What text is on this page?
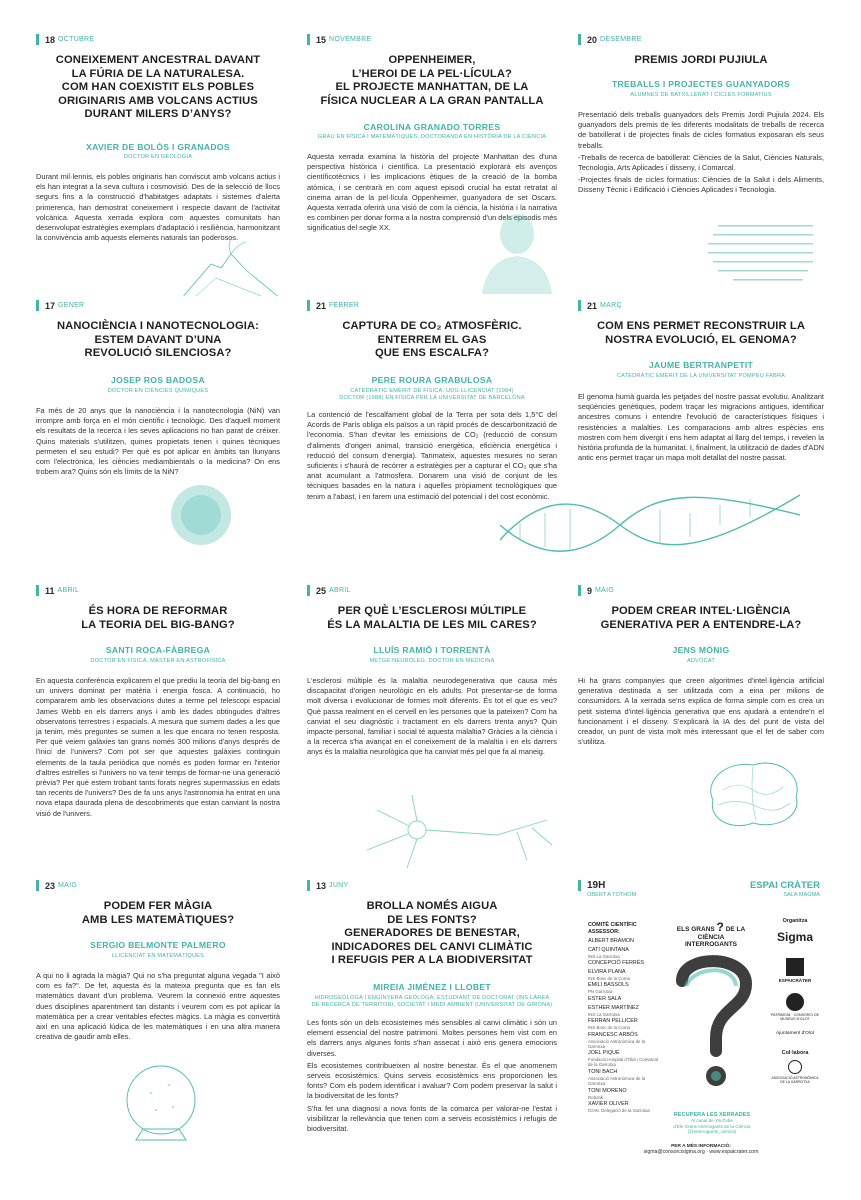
18 OCTUBRE
CONEIXEMENT ANCESTRAL DAVANT
LA FÚRIA DE LA NATURALESA.
COM HAN COEXISTIT ELS POBLES
ORIGINARIS AMB VOLCANS ACTIUS
DURANT MILERS D’ANYS?
XAVIER DE BOLÒS I GRANADOS
DOCTOR EN GEOLOGIA

Durant mil·lennis, els pobles originaris han conviscut amb volcans actius i els han integrat a la seva cultura i cosmovisió. Des de la selecció de llocs segurs fins a la construcció d'habitatges adaptats i sistemes d'alerta primerenca, han demostrat coneixement i respecte davant de l'activitat volcànica. Aquesta xerrada explora com aquestes comunitats han desenvolupat estratègies exemplars d'adaptació i resiliència, harmonitzant la convivència amb aquests elements naturals tan poderosos.

15 NOVEMBRE
OPPENHEIMER,
L’HEROI DE LA PEL·LÍCULA?
EL PROJECTE MANHATTAN, DE LA
FÍSICA NUCLEAR A LA GRAN PANTALLA
CAROLINA GRANADO TORRES
GRAU EN FÍSICA I MATEMÀTIQUES, DOCTORANDA EN HISTÒRIA DE LA CIÈNCIA

Aquesta xerrada examina la història del projecte Manhattan des d'una perspectiva històrica i científica. La presentació explorarà els avenços científicotècnics i les implicacions ètiques de la creació de la bomba atòmica, i se centrarà en com aquest episodi crucial ha estat retratat al cinema arran de la pel·lícula Oppenheimer, guanyadora de set Oscars. Aquesta xerrada oferirà una visió de com la ciència, la història i la narrativa es combinen per donar forma a la nostra comprensió d'un dels episodis més significatius del segle XX.

20 DESEMBRE
PREMIS JORDI PUJIULA
TREBALLS I PROJECTES GUANYADORS
ALUMNES DE BATXILLERAT I CICLES FORMATIUS

Presentació dels treballs guanyadors dels Premis Jordi Pujiula 2024. Els guanyadors dels premis de les diferents modalitats de treballs de recerca de batxillerat i de projectes finals de cicles formatius exposaran els seus treballs.

-Treballs de recerca de batxillerat: Ciències de la Salut, Ciències Naturals, Tecnologia, Arts Aplicades i disseny, i Comarcal.

-Projectes finals de cicles formatius: Ciències de la Salut i dels Aliments, Disseny Tècnic i Edificació i Ciències Aplicades i Tecnologia.

17 GENER
NANOCIÈNCIA I NANOTECNOLOGIA:
ESTEM DAVANT D’UNA
REVOLUCIÓ SILENCIOSA?
JOSEP ROS BADOSA
DOCTOR EN CIÈNCIES QUÍMIQUES

Fa més de 20 anys que la nanociència i la nanotecnologia (NiN) van irrompre amb força en el món científic i tecnològic. Des d'aquell moment els resultats de la recerca i les seves aplicacions no han parat de créixer. Quins materials s'utilitzen, quines propietats tenen i quines tècniques permeten el seu estudi? Per què es pot aplicar en àmbits tan llunyans com l'electrònica, les ciències mediambientals o la medicina? On ens trobem ara? Quins són els límits de la NiN?

21 FEBRER
CAPTURA DE CO₂ ATMOSFÈRIC.
ENTERREM EL GAS
QUE ENS ESCALFA?
PERE ROURA GRABULOSA
CATEDRÀTIC EMÈRIT DE FÍSICA. UDG LLICENCIAT (1984)
DOCTOR (1988) EN FÍSICA PER LA UNIVERSITAT DE BARCELONA

La contenció de l'escalfament global de la Terra per sota dels 1,5°C del Acords de París obliga els països a un ràpid procés de descarbonització de l'economia. S'han d'evitar les emissions de CO₂ (reducció de consum d'aliments d'origen animal, transició energètica, eficiència energètica i reducció del consum d'energia). Tanmateix, aquestes mesures no seran suficients i s'haurà de recórrer a estratègies per a capturar el CO₂ que s'ha anat acumulant a l'atmosfera. Donarem una visió de conjunt de les tècniques basades en la natura i aquelles pròpiament tecnològiques que tenim a l'abast, i en farem una estimació del potencial i del cost econòmic.

21 MARÇ
COM ENS PERMET RECONSTRUIR LA
NOSTRA EVOLUCIÓ, EL GENOMA?
JAUME BERTRANPETIT
CATEDRÀTIC EMÈRIT DE LA UNIVERSITAT POMPEU FABRA

El genoma humà guarda les petjades del nostre passat evolutiu. Analitzant seqüències genètiques, podem traçar les migracions antigues, identificar ancestres comuns i entendre l'evolució de característiques físiques i resistències a malalties. Les comparacions amb altres espècies ens mostren com hem divergit i ens hem adaptat al llarg del temps, i revelen la història profunda de la humanitat. I, finalment, la utilització de dades d'ADN antic ens permet traçar un mapa molt detallat del nostre passat.

11 ABRIL
ÉS HORA DE REFORMAR
LA TEORIA DEL BIG-BANG?
SANTI ROCA-FÀBREGA
DOCTOR EN FÍSICA, MÀSTER EN ASTROFÍSICA

En aquesta conferència explicarem el que prediu la teoria del big-bang en un univers dominat per matèria i energia fosca. A continuació, ho compararem amb les observacions dutes a terme pel telescopi espacial James Webb en els darrers anys i amb les dades obtingudes d'altres observatoris terrestres i espacials. A mesura que sumem dades a les que ja tenim, més preguntes se sumen a les que encara no tenen resposta. Per què veiem galàxies tan grans només 300 milions d'anys després de l'inici de l'univers? Com pot ser que aquestes galàxies continguin elements de la taula periòdica que només es poden formar en l'interior d'altres estrelles si l'univers no va tenir temps de formar-ne una generació prèvia? Per què estem trobant tants forats negres supermassius en edats tan recents de l'univers? Des de fa uns anys l'astronomia ha entrat en una nova etapa daurada plena de descobriments que estan canviant la nostra visió de l'univers.

25 ABRIL
PER QUÈ L’ESCLEROSI MÚLTIPLE
ÉS LA MALALTIA DE LES MIL CARES?
LLUÍS RAMIÓ I TORRENTÀ
METGE NEURÒLEG. DOCTOR EN MEDICINA

L'esclerosi múltiple és la malaltia neurodegenerativa que causa més discapacitat d'origen neurològic en els adults. Pot presentar-se de forma molt diversa i evolucionar de formes molt diferents. És tot el que es veu? Què passa realment en el cervell en les persones que la pateixen? Com ha canviat el seu diagnòstic i tractament en els darrers trenta anys? Quin impacte personal, familiar i social té aquesta malaltia? Gràcies a la ciència i a la recerca s'ha avançat en el coneixement de la malaltia i en els darrers anys és la malaltia neurològica que ha canviat més pel que fa al maneig.

9 MAIG
PODEM CREAR INTEL·LIGÈNCIA
GENERATIVA PER A ENTENDRE-LA?
JENS MÖNIG
ADVOCAT

Hi ha grans companyies que creen algoritmes d'intel·ligència artificial generativa destinada a ser utilitzada com a eina per milions de consumidors. A la xerrada se'ns explica de forma simple com es crea un petit sistema d'intel·ligència generativa que ens ajudarà a entendre'n el funcionament i el disseny. S'explicarà la IA des del punt de vista del creador, un punt de vista molt més interessant que el fet de saber com s'utilitza.

23 MAIG
PODEM FER MÀGIA
AMB LES MATEMÀTIQUES?
SERGIO BELMONTE PALMERO
LLICENCIAT EN MATEMÀTIQUES

A qui no li agrada la màgia? Qui no s'ha preguntat alguna vegada "I això com es fa?". De fet, aquesta és la mateixa pregunta que es fan els matemàtics davant d'un problema. Veurem la connexió entre aquestes dues disciplines aparentment tan distants i veurem com es pot aplicar la matemàtica per a crear veritables efectes màgics. La màgia es convertirà així en una aplicació lúdica de les matemàtiques i en una altra manera creativa de gaudir amb elles.

13 JUNY
BROLLA NOMÉS AIGUA
DE LES FONTS?
GENERADORES DE BENESTAR,
INDICADORES DEL CANVI CLIMÀTIC
I REFUGIS PER A LA BIODIVERSITAT
MIREIA JIMÉNEZ I LLOBET
HIDROGEÒLOGA I ENGINYERA GEÒLOGA. ESTUDIANT DE DOCTORAT (INS LÀREA
DE RECERCA DE TERRITORI, SOCIETAT I MEDI AMBIENT (UNIVERSITAT DE GIRONA)

Les fonts són un dels ecosistemes més sensibles al canvi climàtic i són un element essencial del nostre patrimoni. Moltes persones hem vist com en els darrers anys algunes fonts s'han assecat i això ens genera emocions diverses.

Els ecosistemes contribueixen al nostre benestar. És el que anomenem serveis ecosistèmics. Quins serveis ecosistèmics ens proporcionen les fonts? Com els podem identificar i avaluar? Com podem preservar la salut i la biodiversitat de les fonts?

S'ha fet una diagnosi a nova fonts de la comarca per valorar-ne l'estat i visibilitzar la rellevància que tenen com a serveis ecosistèmics i refugis de biodiversitat.

19H
OBERT A TOTHOM
ESPAI CRÀTER
SALA MAGMA
COMITÈ CIENTÍFIC ASSESSOR:
ALBERT BRAMON
CATI QUINTANA
INS La Garrotxa
CONCEPCIÓ FERRÉS
ELVIRA PLANA
INS Bosc de la Coma
EMILI BASSOLS
PN Garrotxa
ESTER SALA
ESTHER MARTÍNEZ
INS La Garrotxa
FERRAN PELLICER
INS Bosc de la Coma
FRANCESC ARBÓS
Associació Astronòmica de la Garrotxa
JOEL PIQUÉ
Fundació Hospital d'Olot i Comarcal de la Garrotxa
TONI BACH
Associació Astronòmica de la Garrotxa
TONI MORENO
Robotik
XAVIER OLIVER
ICHN. Delegació de la Garrotxa
ELS GRANS ? DE LA CIÈNCIA
INTERROGANTS
RECUPERA LES XERRADES
Al canal de YouTube
d'Els Grans Interrogants de la Ciència
(@interrogants_ciencia)
Organitza
Sigma
ESPAICRÀTER
PATRIMONI · CONSORCI DE MUSEUS D'OLOT
Ajuntament d'Olot
Col·labora
ASSOCIACIÓ ASTRONÒMICA DE LA GARROTXA
PER A MÉS INFORMACIÓ:
sigma@consorcisigma.org · www.espaicrater.com
